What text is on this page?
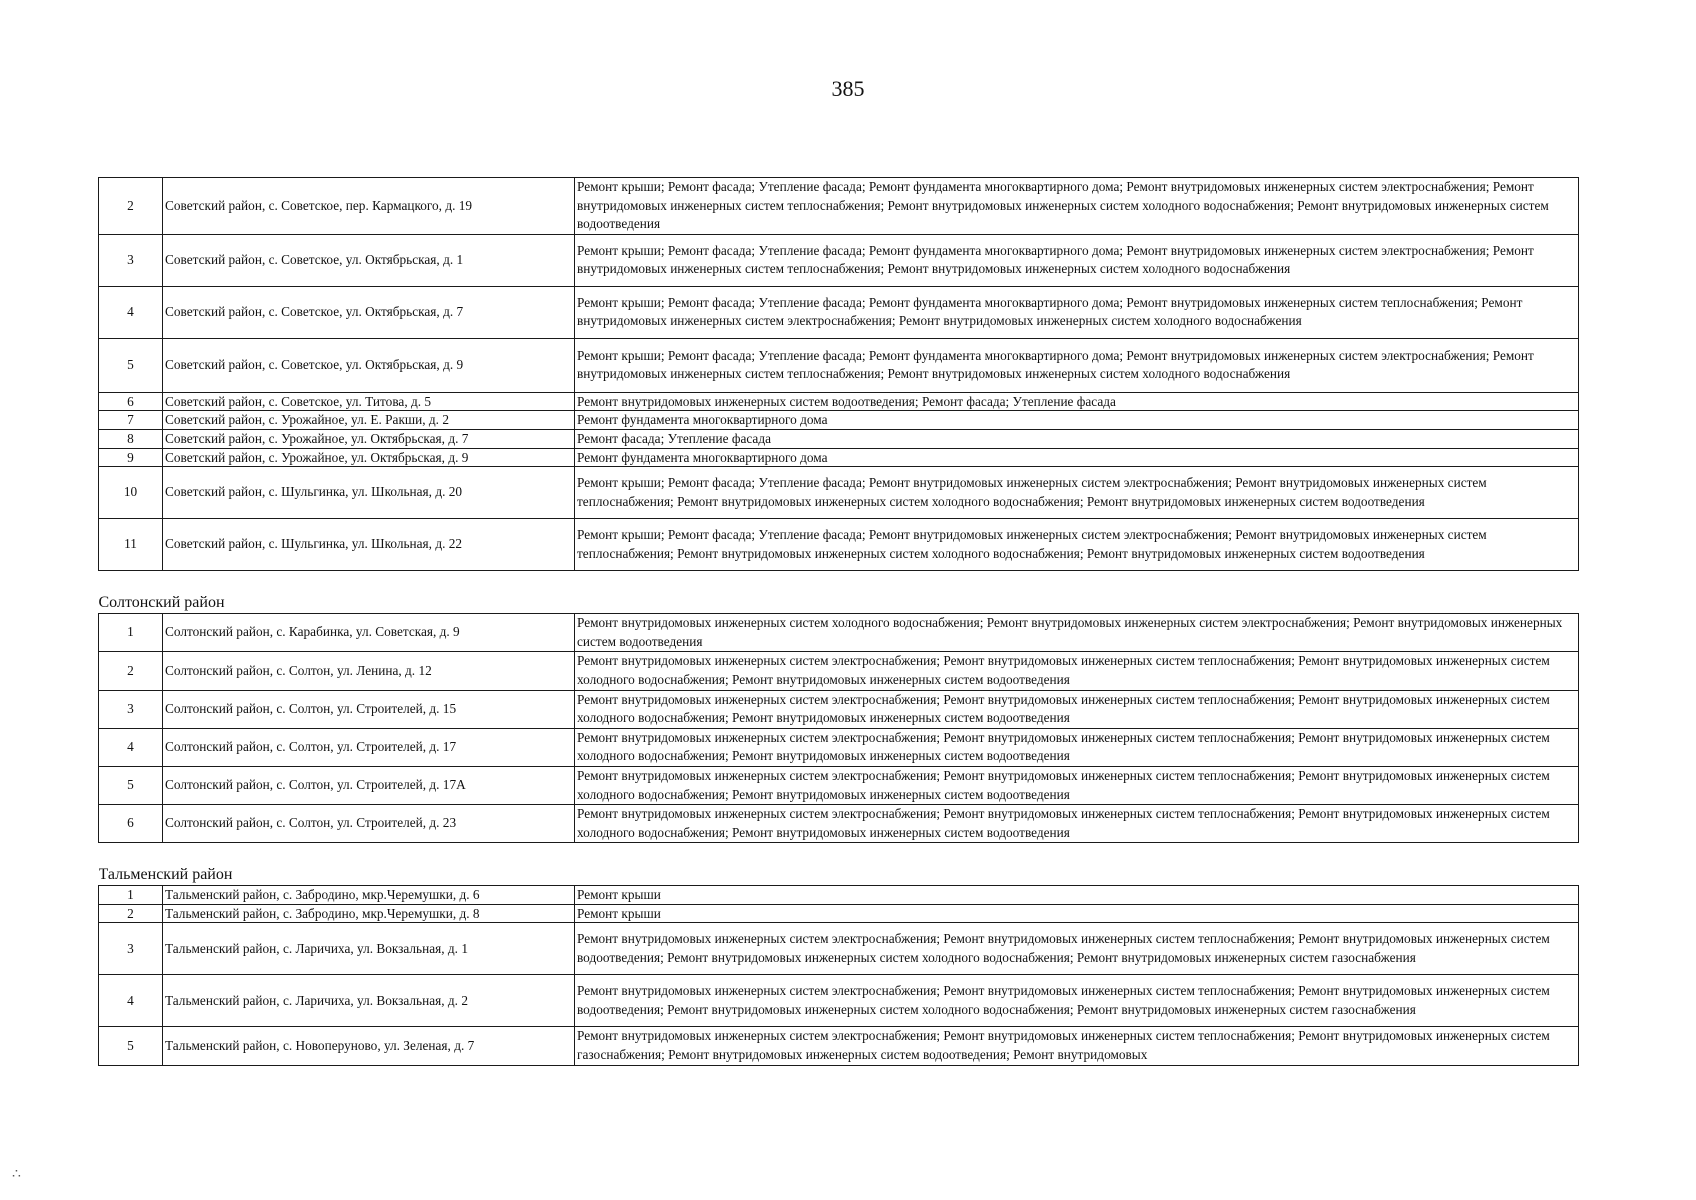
385
2	Советский район, с. Советское, пер. Кармацкого, д. 19	Ремонт крыши; Ремонт фасада; Утепление фасада; Ремонт фундамента многоквартирного дома; Ремонт внутридомовых инженерных систем электроснабжения; Ремонт внутридомовых инженерных систем теплоснабжения; Ремонт внутридомовых инженерных систем холодного водоснабжения; Ремонт внутридомовых инженерных систем водоотведения
3	Советский район, с. Советское, ул. Октябрьская, д. 1	Ремонт крыши; Ремонт фасада; Утепление фасада; Ремонт фундамента многоквартирного дома; Ремонт внутридомовых инженерных систем электроснабжения; Ремонт внутридомовых инженерных систем теплоснабжения; Ремонт внутридомовых инженерных систем холодного водоснабжения
4	Советский район, с. Советское, ул. Октябрьская, д. 7	Ремонт крыши; Ремонт фасада; Утепление фасада; Ремонт фундамента многоквартирного дома; Ремонт внутридомовых инженерных систем теплоснабжения; Ремонт внутридомовых инженерных систем электроснабжения; Ремонт внутридомовых инженерных систем холодного водоснабжения
5	Советский район, с. Советское, ул. Октябрьская, д. 9	Ремонт крыши; Ремонт фасада; Утепление фасада; Ремонт фундамента многоквартирного дома; Ремонт внутридомовых инженерных систем электроснабжения; Ремонт внутридомовых инженерных систем теплоснабжения; Ремонт внутридомовых инженерных систем холодного водоснабжения
6	Советский район, с. Советское, ул. Титова, д. 5	Ремонт внутридомовых инженерных систем водоотведения; Ремонт фасада; Утепление фасада
7	Советский район, с. Урожайное, ул. Е. Ракши, д. 2	Ремонт фундамента многоквартирного дома
8	Советский район, с. Урожайное, ул. Октябрьская, д. 7	Ремонт фасада; Утепление фасада
9	Советский район, с. Урожайное, ул. Октябрьская, д. 9	Ремонт фундамента многоквартирного дома
10	Советский район, с. Шульгинка, ул. Школьная, д. 20	Ремонт крыши; Ремонт фасада; Утепление фасада; Ремонт внутридомовых инженерных систем электроснабжения; Ремонт внутридомовых инженерных систем теплоснабжения; Ремонт внутридомовых инженерных систем холодного водоснабжения; Ремонт внутридомовых инженерных систем водоотведения
11	Советский район, с. Шульгинка, ул. Школьная, д. 22	Ремонт крыши; Ремонт фасада; Утепление фасада; Ремонт внутридомовых инженерных систем электроснабжения; Ремонт внутридомовых инженерных систем теплоснабжения; Ремонт внутридомовых инженерных систем холодного водоснабжения; Ремонт внутридомовых инженерных систем водоотведения

Солтонский район		
1	Солтонский район, с. Карабинка, ул. Советская, д. 9	Ремонт внутридомовых инженерных систем холодного водоснабжения; Ремонт внутридомовых инженерных систем электроснабжения; Ремонт внутридомовых инженерных систем водоотведения
2	Солтонский район, с. Солтон, ул. Ленина, д. 12	Ремонт внутридомовых инженерных систем электроснабжения; Ремонт внутридомовых инженерных систем теплоснабжения; Ремонт внутридомовых инженерных систем холодного водоснабжения; Ремонт внутридомовых инженерных систем водоотведения
3	Солтонский район, с. Солтон, ул. Строителей, д. 15	Ремонт внутридомовых инженерных систем электроснабжения; Ремонт внутридомовых инженерных систем теплоснабжения; Ремонт внутридомовых инженерных систем холодного водоснабжения; Ремонт внутридомовых инженерных систем водоотведения
4	Солтонский район, с. Солтон, ул. Строителей, д. 17	Ремонт внутридомовых инженерных систем электроснабжения; Ремонт внутридомовых инженерных систем теплоснабжения; Ремонт внутридомовых инженерных систем холодного водоснабжения; Ремонт внутридомовых инженерных систем водоотведения
5	Солтонский район, с. Солтон, ул. Строителей, д. 17А	Ремонт внутридомовых инженерных систем электроснабжения; Ремонт внутридомовых инженерных систем теплоснабжения; Ремонт внутридомовых инженерных систем холодного водоснабжения; Ремонт внутридомовых инженерных систем водоотведения
6	Солтонский район, с. Солтон, ул. Строителей, д. 23	Ремонт внутридомовых инженерных систем электроснабжения; Ремонт внутридомовых инженерных систем теплоснабжения; Ремонт внутридомовых инженерных систем холодного водоснабжения; Ремонт внутридомовых инженерных систем водоотведения

Тальменский район		
1	Тальменский район, с. Забродино, мкр.Черемушки, д. 6	Ремонт крыши
2	Тальменский район, с. Забродино, мкр.Черемушки, д. 8	Ремонт крыши
3	Тальменский район, с. Ларичиха, ул. Вокзальная, д. 1	Ремонт внутридомовых инженерных систем электроснабжения; Ремонт внутридомовых инженерных систем теплоснабжения; Ремонт внутридомовых инженерных систем водоотведения; Ремонт внутридомовых инженерных систем холодного водоснабжения; Ремонт внутридомовых инженерных систем газоснабжения
4	Тальменский район, с. Ларичиха, ул. Вокзальная, д. 2	Ремонт внутридомовых инженерных систем электроснабжения; Ремонт внутридомовых инженерных систем теплоснабжения; Ремонт внутридомовых инженерных систем водоотведения; Ремонт внутридомовых инженерных систем холодного водоснабжения; Ремонт внутридомовых инженерных систем газоснабжения
5	Тальменский район, с. Новоперуново, ул. Зеленая, д. 7	Ремонт внутридомовых инженерных систем электроснабжения; Ремонт внутридомовых инженерных систем теплоснабжения; Ремонт внутридомовых инженерных систем газоснабжения; Ремонт внутридомовых инженерных систем водоотведения; Ремонт внутридомовых
∴
